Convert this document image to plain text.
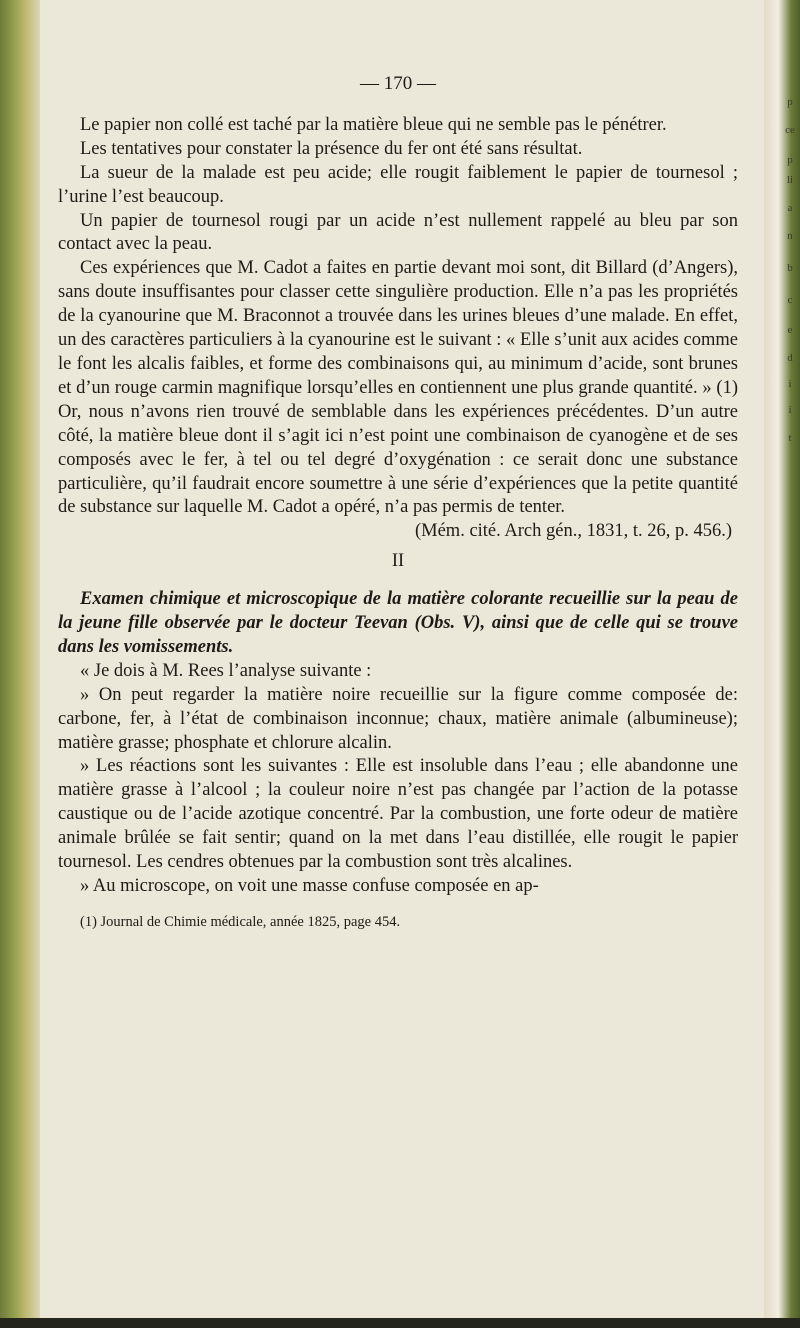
p
ce
p
li
a
n
b
c
e
d
i
i
t
— 170 —

Le papier non collé est taché par la matière bleue qui ne semble pas le pénétrer.

Les tentatives pour constater la présence du fer ont été sans résultat.

La sueur de la malade est peu acide; elle rougit faiblement le papier de tournesol ; l’urine l’est beaucoup.

Un papier de tournesol rougi par un acide n’est nullement rappelé au bleu par son contact avec la peau.

Ces expériences que M. Cadot a faites en partie devant moi sont, dit Billard (d’Angers), sans doute insuffisantes pour classer cette singulière production. Elle n’a pas les propriétés de la cyanourine que M. Braconnot a trouvée dans les urines bleues d’une malade. En effet, un des caractères particuliers à la cyanourine est le suivant : « Elle s’unit aux acides comme le font les alcalis faibles, et forme des combinaisons qui, au minimum d’acide, sont brunes et d’un rouge carmin magnifique lorsqu’elles en contiennent une plus grande quantité. » (1) Or, nous n’avons rien trouvé de semblable dans les expériences précédentes. D’un autre côté, la matière bleue dont il s’agit ici n’est point une combinaison de cyanogène et de ses composés avec le fer, à tel ou tel degré d’oxygénation : ce serait donc une substance particulière, qu’il faudrait encore soumettre à une série d’expériences que la petite quantité de substance sur laquelle M. Cadot a opéré, n’a pas permis de tenter.

(Mém. cité. Arch gén., 1831, t. 26, p. 456.)

II

Examen chimique et microscopique de la matière colorante recueillie sur la peau de la jeune fille observée par le docteur Teevan (Obs. V), ainsi que de celle qui se trouve dans les vomissements.

« Je dois à M. Rees l’analyse suivante :

» On peut regarder la matière noire recueillie sur la figure comme composée de: carbone, fer, à l’état de combinaison inconnue; chaux, matière animale (albumineuse); matière grasse; phosphate et chlorure alcalin.

» Les réactions sont les suivantes : Elle est insoluble dans l’eau ; elle abandonne une matière grasse à l’alcool ; la couleur noire n’est pas changée par l’action de la potasse caustique ou de l’acide azotique concentré. Par la combustion, une forte odeur de matière animale brûlée se fait sentir; quand on la met dans l’eau distillée, elle rougit le papier tournesol. Les cendres obtenues par la combustion sont très alcalines.

» Au microscope, on voit une masse confuse composée en ap-

(1) Journal de Chimie médicale, année 1825, page 454.
